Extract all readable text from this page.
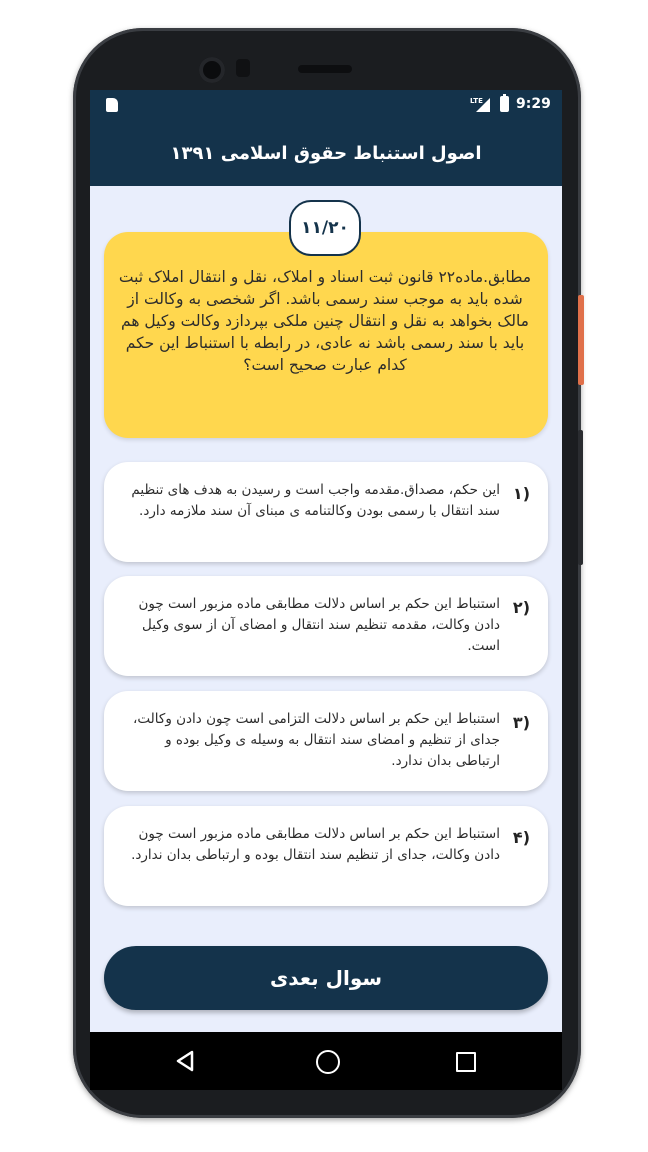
LTE 9:29
اصول استنباط حقوق اسلامی ۱۳۹۱
مطابق.ماده۲۲ قانون ثبت اسناد و املاک، نقل و انتقال املاک ثبت شده باید به موجب سند رسمی باشد. اگر شخصی به وکالت از مالک بخواهد به نقل و انتقال چنین ملکی بپردازد وکالت وکیل هم باید با سند رسمی باشد نه عادی، در رابطه با استنباط این حکم کدام عبارت صحیح است؟
۱۱/۲۰
(۱
این حکم، مصداق.مقدمه واجب است و رسیدن به هدف های تنظیم سند انتقال با رسمی بودن وکالتنامه ی مبنای آن سند ملازمه دارد.
(۲
استنباط این حکم بر اساس دلالت مطابقی ماده مزبور است چون دادن وکالت، مقدمه تنظیم سند انتقال و امضای آن از سوی وکیل است.
(۳
استنباط این حکم بر اساس دلالت التزامی است چون دادن وکالت، جدای از تنظیم و امضای سند انتقال به وسیله ی وکیل بوده و ارتباطی بدان ندارد.
(۴
استنباط این حکم بر اساس دلالت مطابقی ماده مزبور است چون دادن وکالت، جدای از تنظیم سند انتقال بوده و ارتباطی بدان ندارد.
سوال بعدی
